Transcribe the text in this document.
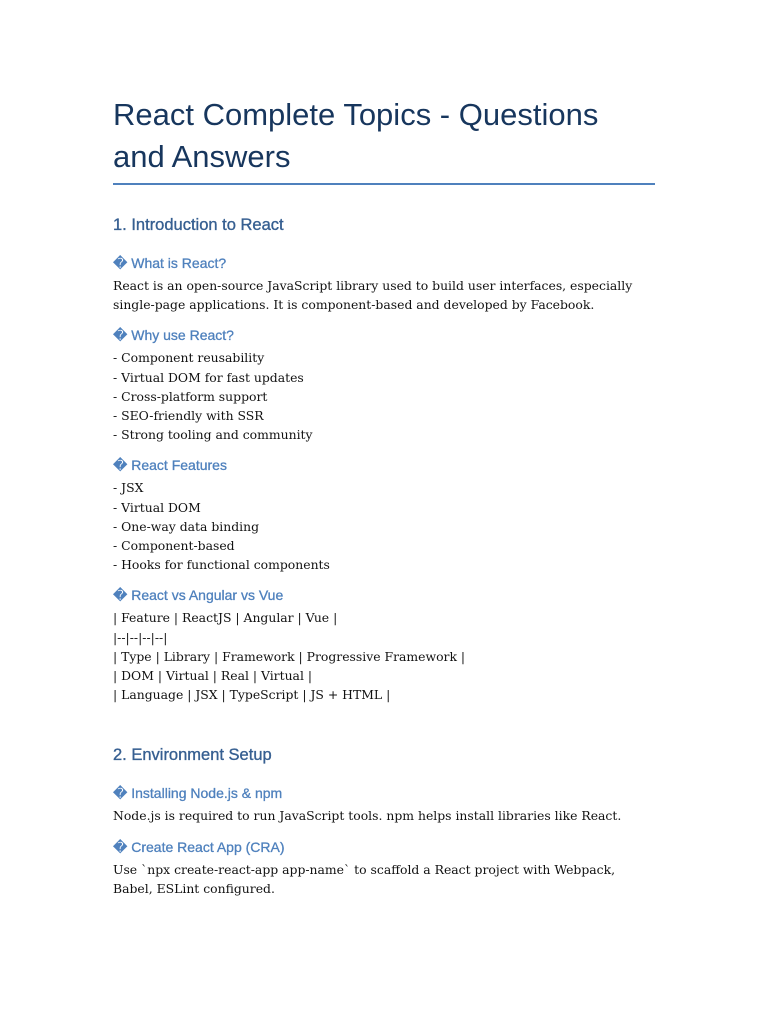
React Complete Topics - Questions and Answers
1. Introduction to React
� What is React?

React is an open-source JavaScript library used to build user interfaces, especially single-page applications. It is component-based and developed by Facebook.

� Why use React?
- Component reusability
- Virtual DOM for fast updates
- Cross-platform support
- SEO-friendly with SSR
- Strong tooling and community
� React Features
- JSX
- Virtual DOM
- One-way data binding
- Component-based
- Hooks for functional components
� React vs Angular vs Vue
| Feature | ReactJS | Angular | Vue |
|--|--|--|--|
| Type | Library | Framework | Progressive Framework |
| DOM | Virtual | Real | Virtual |
| Language | JSX | TypeScript | JS + HTML |
2. Environment Setup
� Installing Node.js & npm

Node.js is required to run JavaScript tools. npm helps install libraries like React.

� Create React App (CRA)

Use `npx create-react-app app-name` to scaffold a React project with Webpack, Babel, ESLint configured.
